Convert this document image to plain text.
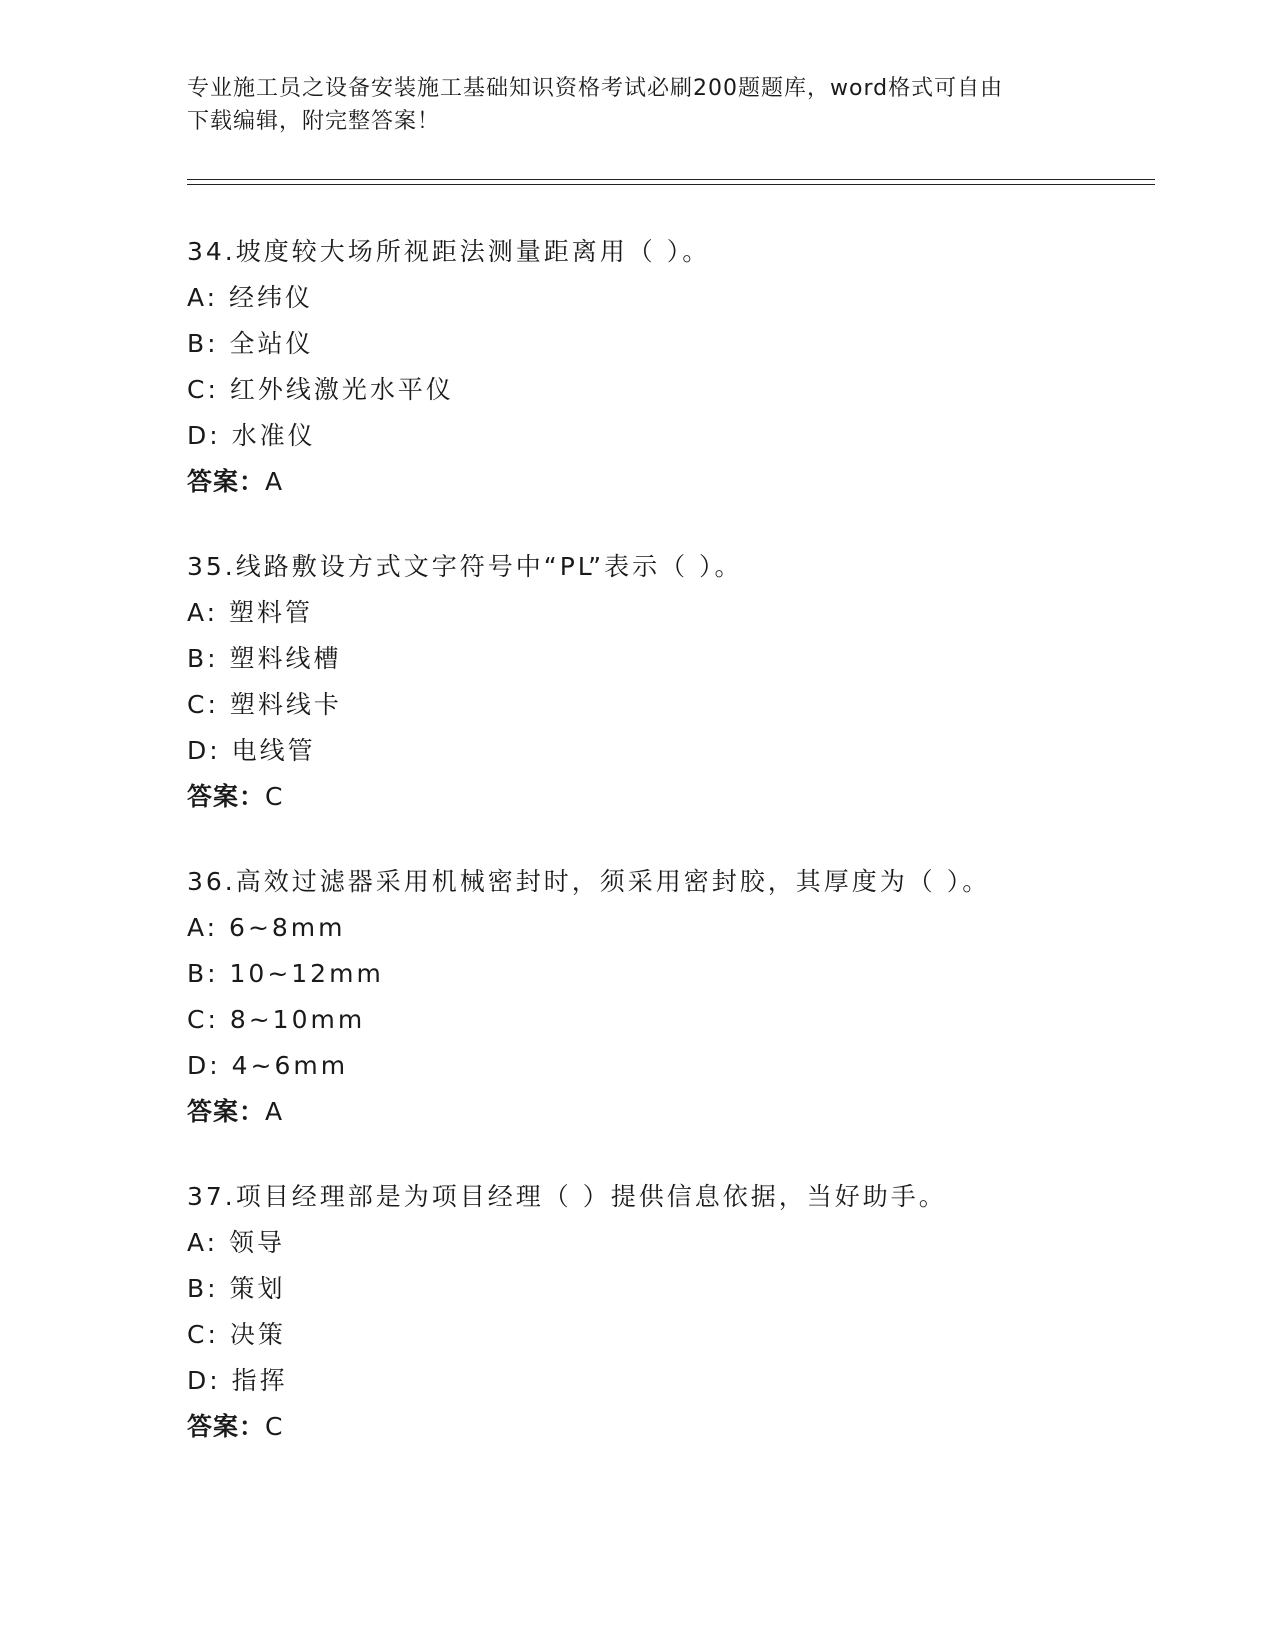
专业施工员之设备安装施工基础知识资格考试必刷200题题库，word格式可自由
下载编辑，附完整答案！
34.坡度较大场所视距法测量距离用（ ）。
A: 经纬仪
B: 全站仪
C: 红外线激光水平仪
D: 水准仪
答案：A
35.线路敷设方式文字符号中“PL”表示（ ）。
A: 塑料管
B: 塑料线槽
C: 塑料线卡
D: 电线管
答案：C
36.高效过滤器采用机械密封时，须采用密封胶，其厚度为（ ）。
A: 6~8mm
B: 10~12mm
C: 8~10mm
D: 4~6mm
答案：A
37.项目经理部是为项目经理（ ）提供信息依据，当好助手。
A: 领导
B: 策划
C: 决策
D: 指挥
答案：C
